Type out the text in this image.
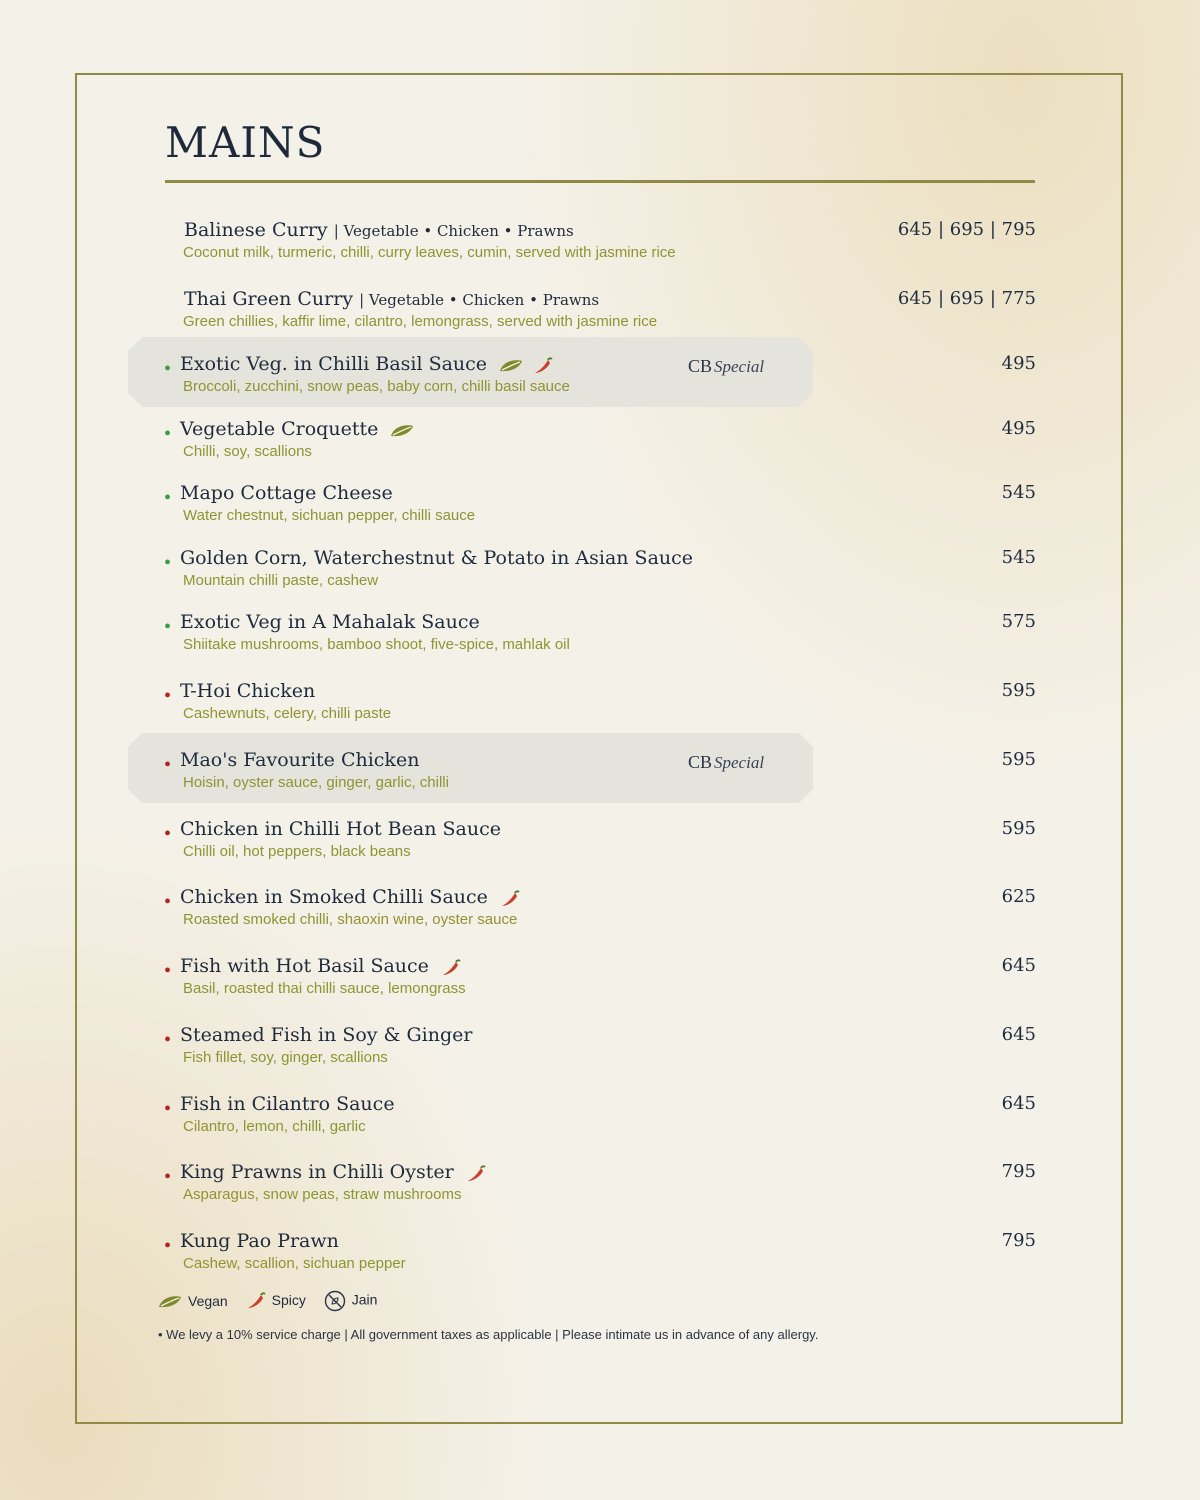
MAINS
Balinese Curry | Vegetable • Chicken • Prawns
Coconut milk, turmeric, chilli, curry leaves, cumin, served with jasmine rice
645 | 695 | 795
Thai Green Curry | Vegetable • Chicken • Prawns
Green chillies, kaffir lime, cilantro, lemongrass, served with jasmine rice
645 | 695 | 775
CB Special
• Exotic Veg. in Chilli Basil Sauce
Broccoli, zucchini, snow peas, baby corn, chilli basil sauce
495
• Vegetable Croquette
Chilli, soy, scallions
495
• Mapo Cottage Cheese
Water chestnut, sichuan pepper, chilli sauce
545
• Golden Corn, Waterchestnut & Potato in Asian Sauce
Mountain chilli paste, cashew
545
• Exotic Veg in A Mahalak Sauce
Shiitake mushrooms, bamboo shoot, five-spice, mahlak oil
575
• T-Hoi Chicken
Cashewnuts, celery, chilli paste
595
CB Special
• Mao's Favourite Chicken
Hoisin, oyster sauce, ginger, garlic, chilli
595
• Chicken in Chilli Hot Bean Sauce
Chilli oil, hot peppers, black beans
595
• Chicken in Smoked Chilli Sauce
Roasted smoked chilli, shaoxin wine, oyster sauce
625
• Fish with Hot Basil Sauce
Basil, roasted thai chilli sauce, lemongrass
645
• Steamed Fish in Soy & Ginger
Fish fillet, soy, ginger, scallions
645
• Fish in Cilantro Sauce
Cilantro, lemon, chilli, garlic
645
• King Prawns in Chilli Oyster
Asparagus, snow peas, straw mushrooms
795
• Kung Pao Prawn
Cashew, scallion, sichuan pepper
795
Vegan	Spicy	Jain
• We levy a 10% service charge | All government taxes as applicable | Please intimate us in advance of any allergy.
